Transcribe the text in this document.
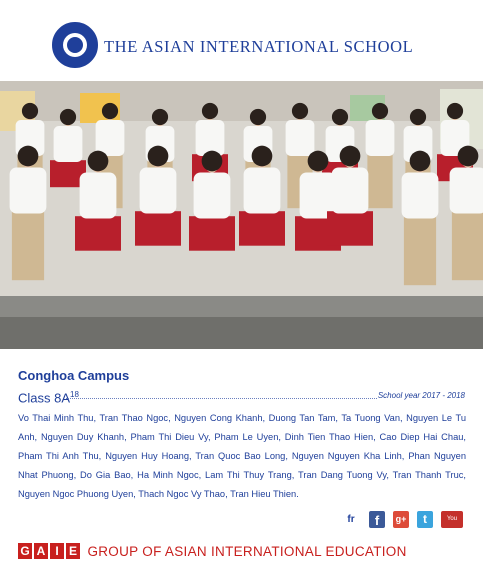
THE ASIAN INTERNATIONAL SCHOOL
Conghoa Campus
Class $8A^{18}$	School year 2017 - 2018
Vo Thai Minh Thu, Tran Thao Ngoc, Nguyen Cong Khanh, Duong Tan Tam, Ta Tuong Van, Nguyen Le Tu Anh, Nguyen Duy Khanh, Pham Thi Dieu Vy, Pham Le Uyen, Dinh Tien Thao Hien, Cao Diep Hai Chau, Pham Thi Anh Thu, Nguyen Huy Hoang, Tran Quoc Bao Long, Nguyen Nguyen Kha Linh, Phan Nguyen Nhat Phuong, Do Gia Bao, Ha Minh Ngoc, Lam Thi Thuy Trang, Tran Dang Tuong Vy, Tran Thanh Truc, Nguyen Ngoc Phuong Uyen, Thach Ngoc Vy Thao, Tran Hieu Thien.
fr	f	g+	t	You Tube
G A I E GROUP OF ASIAN INTERNATIONAL EDUCATION
